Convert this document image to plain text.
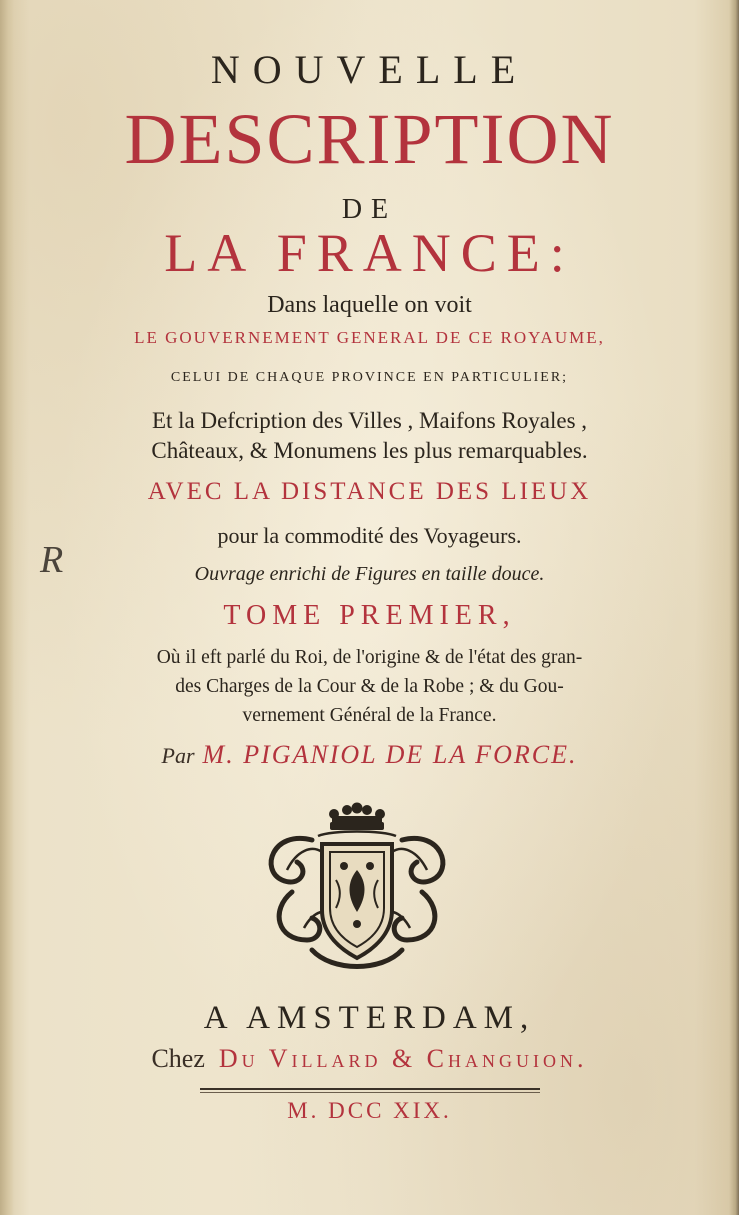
NOUVELLE
DESCRIPTION
DE
LA FRANCE:
Dans laquelle on voit
LE GOUVERNEMENT GENERAL DE CE ROYAUME,
CELUI DE CHAQUE PROVINCE EN PARTICULIER;
Et la Defcription des Villes , Maifons Royales ,
Châteaux, & Monumens les plus remarquables.
AVEC LA DISTANCE DES LIEUX
pour la commodité des Voyageurs.
Ouvrage enrichi de Figures en taille douce.
TOME PREMIER,
Où il eft parlé du Roi, de l'origine & de l'état des gran-
des Charges de la Cour & de la Robe ; & du Gou-
vernement Général de la France.
Par M. PIGANIOL DE LA FORCE.
A AMSTERDAM,
Chez Du Villard & Changuion.
M. DCC XIX.
R
